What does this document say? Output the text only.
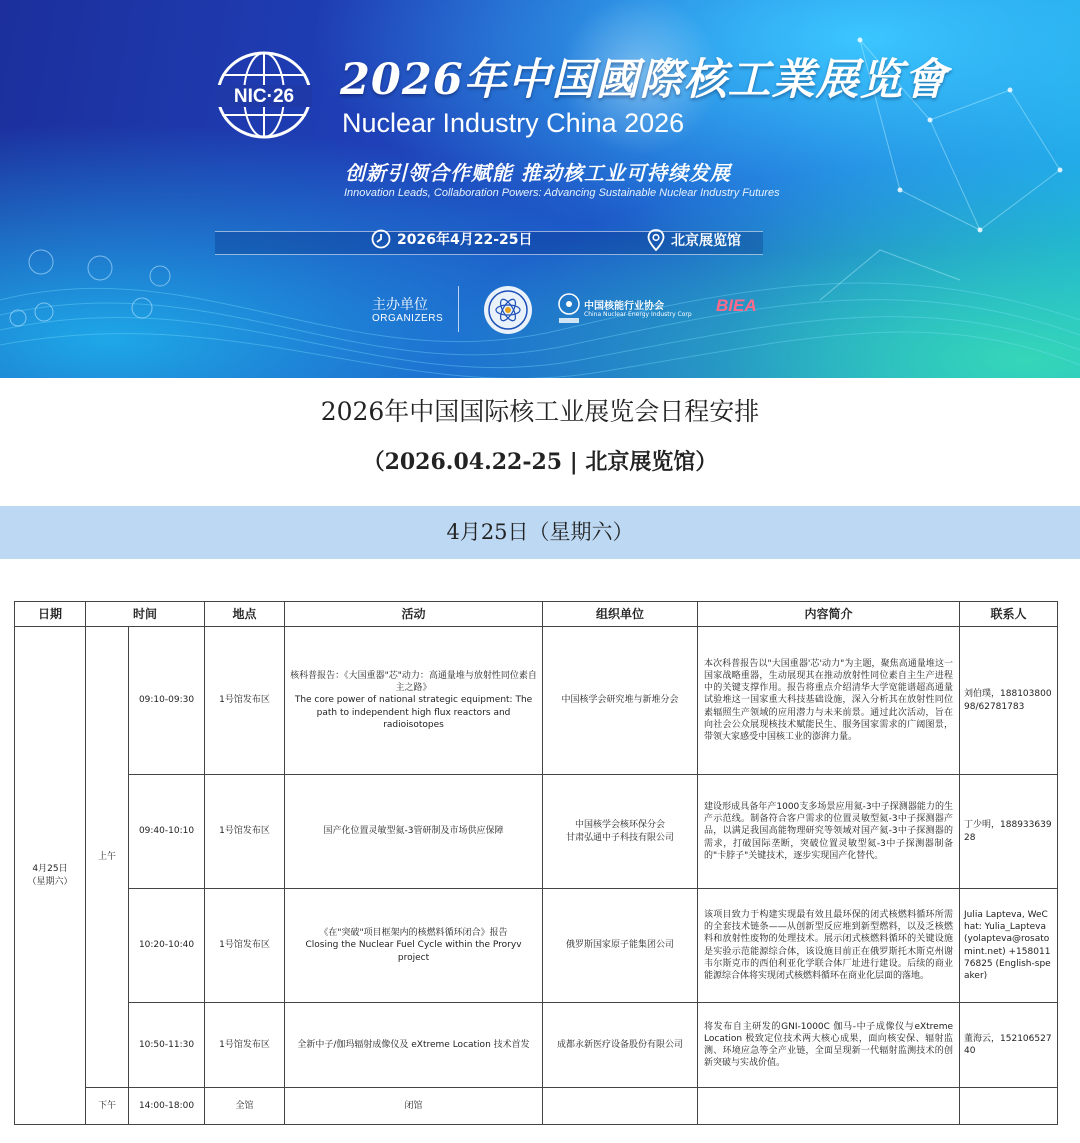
NIC·26 2026年中国國際核工業展览會
Nuclear Industry China 2026
创新引领合作赋能 推动核工业可持续发展
Innovation Leads, Collaboration Powers: Advancing Sustainable Nuclear Industry Futures
2026年4月22-25日	北京展览馆
主办单位
ORGANIZERS
中国核能行业协会
China Nuclear Energy Industry Corp BIEA
2026年中国国际核工业展览会日程安排
（2026.04.22-25 | 北京展览馆）
4月25日（星期六）
日期	时间		地点	活动	组织单位	内容简介	联系人
4月25日
（星期六）	上午	09:10-09:30	1号馆发布区	核科普报告：《大国重器"芯"动力：高通量堆与放射性同位素自主之路》
The core power of national strategic equipment: The path to independent high flux reactors and radioisotopes	中国核学会研究堆与新堆分会	本次科普报告以"大国重器'芯'动力"为主题，聚焦高通量堆这一国家战略重器，生动展现其在推动放射性同位素自主生产进程中的关键支撑作用。报告将重点介绍清华大学宽能谱超高通量试验堆这一国家重大科技基础设施，深入分析其在放射性同位素辐照生产领域的应用潜力与未来前景。通过此次活动，旨在向社会公众展现核技术赋能民生、服务国家需求的广阔图景，带领大家感受中国核工业的澎湃力量。	刘伯璞，18810380098/62781783
		09:40-10:10	1号馆发布区	国产化位置灵敏型氦-3管研制及市场供应保障	中国核学会核环保分会
甘肃弘通中子科技有限公司	建设形成具备年产1000支多场景应用氦-3中子探测器能力的生产示范线。制备符合客户需求的位置灵敏型氦-3中子探测器产品，以满足我国高能物理研究等领域对国产氦-3中子探测器的需求，打破国际垄断，突破位置灵敏型氦-3中子探测器制备的"卡脖子"关键技术，逐步实现国产化替代。	丁少明，18893363928
		10:20-10:40	1号馆发布区	《在"突破"项目框架内的核燃料循环闭合》报告
Closing the Nuclear Fuel Cycle within the Proryv project	俄罗斯国家原子能集团公司	该项目致力于构建实现最有效且最环保的闭式核燃料循环所需的全套技术链条——从创新型反应堆到新型燃料，以及乏核燃料和放射性废物的处理技术。展示闭式核燃料循环的关键设施是实验示范能源综合体，该设施目前正在俄罗斯托木斯克州谢韦尔斯克市的西伯利亚化学联合体厂址进行建设。后续的商业能源综合体将实现闭式核燃料循环在商业化层面的落地。	Julia Lapteva, WeChat: Yulia_Lapteva (yolapteva@rosatomint.net) +15801176825 (English-speaker)
		10:50-11:30	1号馆发布区	全新中子/伽玛辐射成像仪及 eXtreme Location 技术首发	成都永新医疗设备股份有限公司	将发布自主研发的GNI-1000C 伽马-中子成像仪与eXtreme Location 极致定位技术两大核心成果，面向核安保、辐射监测、环境应急等全产业链，全面呈现新一代辐射监测技术的创新突破与实战价值。	董海云，15210652740
	下午	14:00-18:00	全馆	闭馆			
